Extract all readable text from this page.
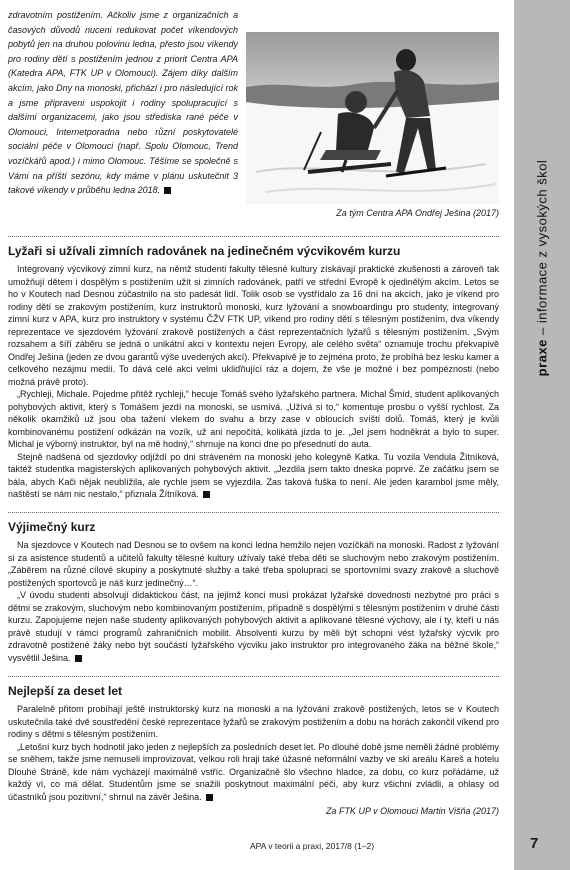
zdravotním postižením. Ačkoliv jsme z organizačních a časových důvodů nuceni redukovat počet víkendových pobytů jen na druhou polovinu ledna, přesto jsou víkendy pro rodiny dětí s postižením jednou z priorit Centra APA (Katedra APA, FTK UP v Olomouci). Zájem díky dalším akcím, jako Dny na monoski, přichází i pro následující rok a jsme připraveni uspokojit i rodiny spolupracující s dalšími organizacemi, jako jsou střediska rané péče v Olomouci, Internetporadna nebo různí poskytovatelé sociální péče v Olomouci (např. Spolu Olomouc, Trend vozíčkářů apod.) i mimo Olomouc. Těšíme se společně s Vámi na příští sezónu, kdy máme v plánu uskutečnit 3 takové víkendy v průběhu ledna 2018.
Za tým Centra APA Ondřej Ješina (2017)
Lyžaři si užívali zimních radovánek na jedinečném výcvikovém kurzu

Integrovaný výcvikový zimní kurz, na němž studenti fakulty tělesné kultury získávají praktické zkušenosti a zároveň tak umožňují dětem i dospělým s postižením užít si zimních radovánek, patří ve střední Evropě k ojedinělým akcím. Letos se ho v Koutech nad Desnou zúčastnilo na sto padesát lidí. Tolik osob se vystřídalo za 16 dní na akcích, jako je víkend pro rodiny dětí se zrakovým postižením, kurz instruktorů monoski, kurz lyžování a snowboardingu pro studenty, integrovaný zimní kurz v APA, kurz pro instruktory v systému ČŽV FTK UP, víkend pro rodiny dětí s tělesným postižením, dva víkendy reprezentace ve sjezdovém lyžování zrakově postižených a část reprezentačních lyžařů s tělesným postižením. „Svým rozsahem a šíří záběru se jedná o unikátní akci v kontextu nejen Evropy, ale celého světa“ oznamuje trochu překvapivě Ondřej Ješina (jeden ze dvou garantů výše uvedených akcí). Překvapivě je to zejména proto, že probíhá bez lesku kamer a celkového nezájmu medií. To dává celé akci velmi ukliďňující ráz a dojem, že vše je možné i bez pompéznosti (nebo možná právě proto).

„Rychleji, Michale. Pojedme přitěž rychleji,“ hecuje Tomáš svého lyžařského partnera. Michal Šmíd, student aplikovaných pohybových aktivit, který s Tomášem jezdí na monoski, se usmívá. „Užívá si to,“ komentuje prosbu o vyšší rychlost. Za několik okamžiků už jsou oba tažení vlekem do svahu a brzy zase v obloucích svíští dolů. Tomáš, který je kvůli kombinovanému postižení odkázán na vozík, už ani nepočítá, kolikátá jízda to je. „Jel jsem hodněkrát a bylo to super. Michal je výborný instruktor, byl na mě hodný,“ shrnuje na konci dne po přesednutí do auta.

Stejně nadšená od sjezdovky odjíždí po dni stráveném na monoski jeho kolegyně Katka. Tu vozila Vendula Žítníková, taktéž studentka magisterských aplikovaných pohybových aktivit. „Jezdila jsem takto dneska poprvé. Ze začátku jsem se bála, abych Kači nějak neublížila, ale rychle jsem se vyjezdila. Zas taková fuška to není. Ale jeden karambol jsme měly, naštěstí se nám nic nestalo,“ přiznala Žítníková.

Výjimečný kurz

Na sjezdovce v Koutech nad Desnou se to ovšem na konci ledna hemžilo nejen vozíčkáři na monoski. Radost z lyžování si za asistence studentů a učitelů fakulty tělesné kultury užívaly také třeba děti se sluchovým nebo zrakovým postižením. „Záběrem na různé cílové skupiny a poskytnuté služby a také třeba spolupraci se sportovními svazy zrakově a sluchově postižených sportovců je náš kurz jedinečný…“.

„V úvodu studenti absolvují didaktickou část, na jejímž konci musí prokázat lyžařské dovednosti nezbytné pro práci s dětmi se zrakovým, sluchovým nebo kombinovaným postižením, případně s dospělými s tělesným postižením v druhé části kurzu. Zapojujeme nejen naše studenty aplikovaných pohybových aktivit a aplikované tělesné výchovy, ale i ty, kteří u nás právě studují v rámci programů zahraničních mobilit. Absolventi kurzu by měli být schopni vést lyžařský výcvik pro zdravotně postižené žáky nebo být součástí lyžařského výcviku jako instruktor pro integrovaného žáka na běžné škole,“ vysvětlil Ješina.

Nejlepší za deset let

Paralelně přitom probíhají ještě instruktorský kurz na monoski a na lyžování zrakově postižených, letos se v Koutech uskutečnila také dvě soustředění české reprezentace lyžařů se zrakovým postižením a dobu na horách zakončil víkend pro rodiny s dětmi s tělesným postižením.

„Letošní kurz bych hodnotil jako jeden z nejlepších za posledních deset let. Po dlouhé době jsme neměli žádné problémy se sněhem, takže jsme nemuseli improvizovat, velkou roli hraji také úžasné neformální vazby ve ski areálu Kareš a hotelu Dlouhé Stráně, kde nám vycházejí maximálně vstříc. Organizačně šlo všechno hladce, za dobu, co kurz pořádáme, už každý ví, co má dělat. Studentům jsme se snažili poskytnout maximální péči, aby kurz všichni zvládli, a ohlasy od účastníků jsou pozitivní,“ shrnul na závěr Ješina.

Za FTK UP v Olomouci Martin Višňa (2017)

praxe – informace z vysokých škol
APA v teorii a praxi, 2017/8 (1–2)	7
